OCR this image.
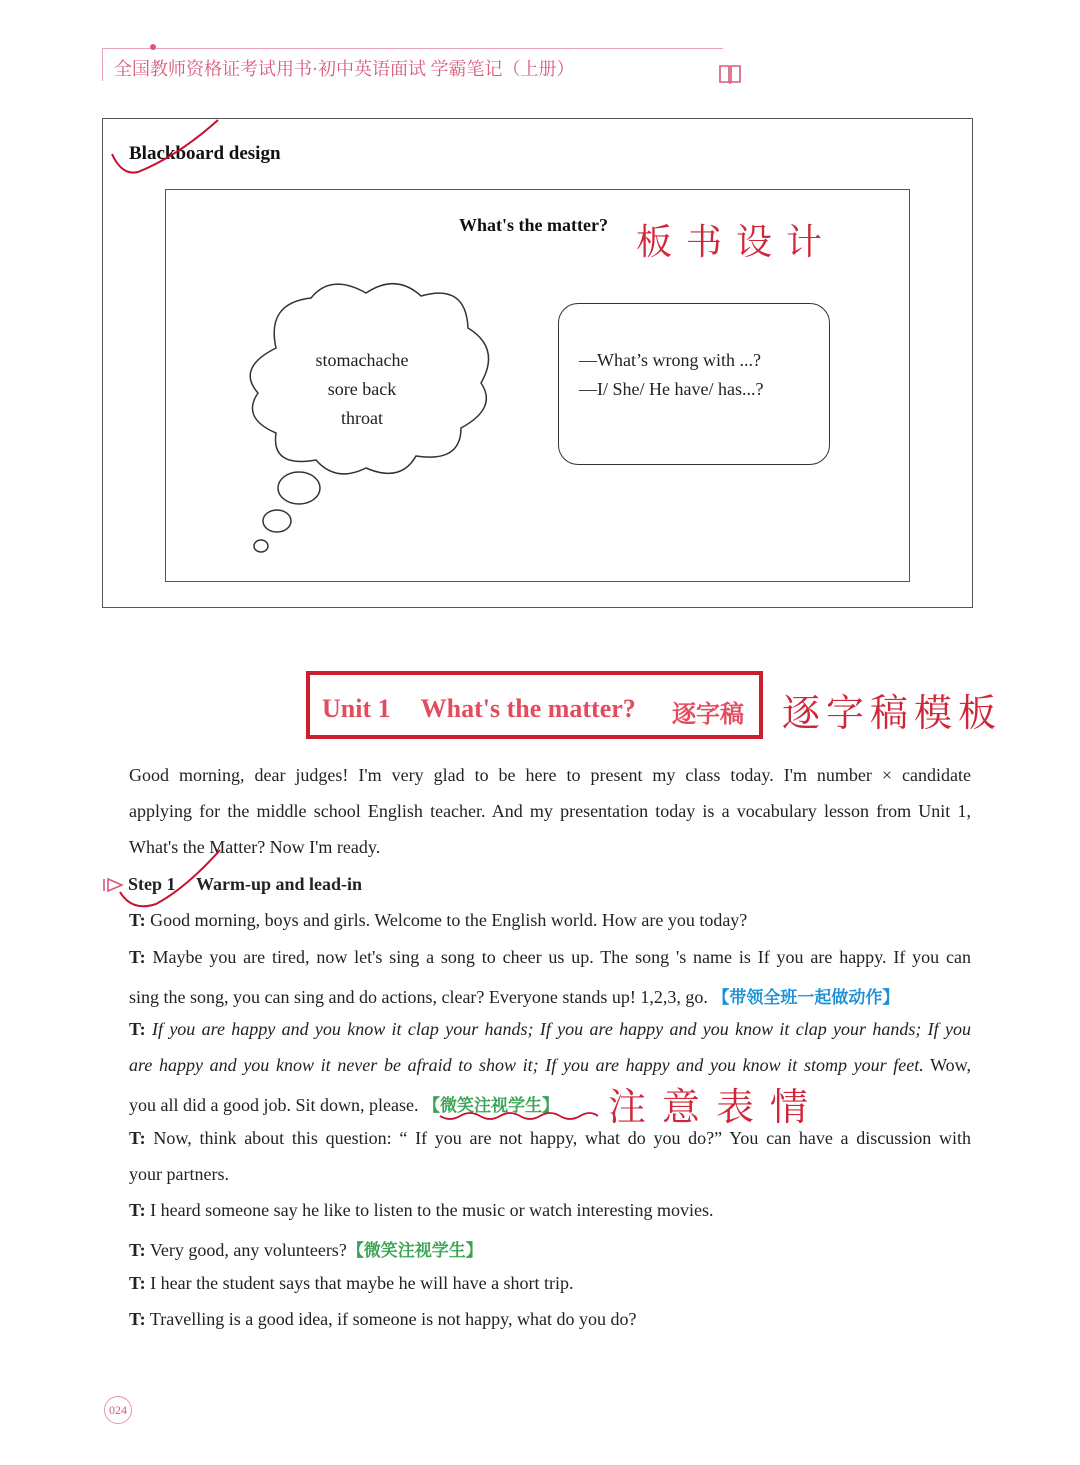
全国教师资格证考试用书·初中英语面试 学霸笔记（上册）
Blackboard design
What's the matter? 板书设计
stomachache
sore back
throat
—What’s wrong with ...?
—I/ She/ He have/ has...?
Unit 1 What's the matter? 逐字稿 逐字稿模板
Good morning, dear judges! I'm very glad to be here to present my class today. I'm number × candidate
applying for the middle school English teacher. And my presentation today is a vocabulary lesson from Unit 1,
What's the Matter? Now I'm ready.
Step 1 Warm-up and lead-in
T: Good morning, boys and girls. Welcome to the English world. How are you today?
T: Maybe you are tired, now let's sing a song to cheer us up. The song 's name is If you are happy. If you can
sing the song, you can sing and do actions, clear? Everyone stands up! 1,2,3, go. 【带领全班一起做动作】
T: If you are happy and you know it clap your hands; If you are happy and you know it clap your hands; If you
are happy and you know it never be afraid to show it; If you are happy and you know it stomp your feet. Wow,
you all did a good job. Sit down, please. 【微笑注视学生】 注意表情
T: Now, think about this question: “ If you are not happy, what do you do?” You can have a discussion with
your partners.
T: I heard someone say he like to listen to the music or watch interesting movies.
T: Very good, any volunteers?【微笑注视学生】
T: I hear the student says that maybe he will have a short trip.
T: Travelling is a good idea, if someone is not happy, what do you do?
024
